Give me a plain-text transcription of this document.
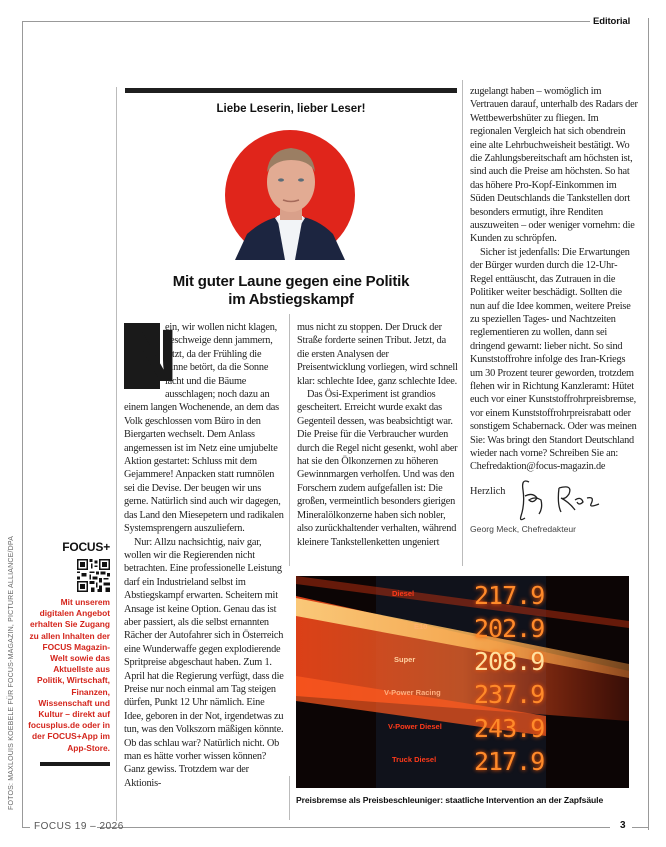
Editorial
FOTOS: MAXLOUIS KOEBELE FÜR FOCUS-MAGAZIN, PICTURE ALLIANCE/DPA	FOCUS+
Mit unserem digitalen Angebot erhalten Sie Zugang zu allen Inhalten der FOCUS Magazin-Welt sowie das Aktuellste aus Politik, Wirtschaft, Finanzen, Wissenschaft und Kultur – direkt auf focusplus.de oder in der FOCUS+App im App-Store.
Liebe Leserin, lieber Leser!
Mit guter Laune gegen eine Politik
im Abstiegskampf
N

ein, wir wollen nicht klagen, geschweige denn jammern, jetzt, da der Frühling die Sinne betört, da die Sonne lacht und die Bäume ausschlagen; noch dazu an einem langen Wochenende, an dem das Volk geschlossen vom Büro in den Biergarten wechselt. Dem Anlass angemessen ist im Netz eine umjubelte Aktion gestartet: Schluss mit dem Gejammere! Anpacken statt rumnölen sei die Devise. Der beugen wir uns gerne. Natürlich sind auch wir dagegen, das Land den Miesepetern und radikalen Systemsprengern auszuliefern.

Nur: Allzu nachsichtig, naiv gar, wollen wir die Regierenden nicht betrachten. Eine professionelle Leistung darf ein Industrieland selbst im Abstiegskampf erwarten. Scheitern mit Ansage ist keine Option. Genau das ist aber passiert, als die selbst ernannten Rächer der Autofahrer sich in Österreich eine Wunderwaffe gegen explodierende Spritpreise abgeschaut haben. Zum 1. April hat die Regierung verfügt, dass die Preise nur noch einmal am Tag steigen dürfen, Punkt 12 Uhr nämlich. Eine Idee, geboren in der Not, irgendetwas zu tun, was den Volkszorn mäßigen könnte. Ob das schlau war? Natürlich nicht. Ob man es hätte vorher wissen können? Ganz gewiss. Trotzdem war der Aktionis-

mus nicht zu stoppen. Der Druck der Straße forderte seinen Tribut. Jetzt, da die ersten Analysen der Preisentwicklung vorliegen, wird schnell klar: schlechte Idee, ganz schlechte Idee.

Das Ösi-Experiment ist grandios gescheitert. Erreicht wurde exakt das Gegenteil dessen, was beabsichtigt war. Die Preise für die Verbraucher wurden durch die Regel nicht gesenkt, wohl aber hat sie den Ölkonzernen zu höheren Gewinnmargen verholfen. Und was den Forschern zudem aufgefallen ist: Die großen, vermeintlich besonders gierigen Mineralölkonzerne haben sich nobler, also zurückhaltender verhalten, während kleinere Tankstellenketten ungeniert

zugelangt haben – womöglich im Vertrauen darauf, unterhalb des Radars der Wettbewerbshüter zu fliegen. Im regionalen Vergleich hat sich obendrein eine alte Lehrbuchweisheit bestätigt. Wo die Zahlungsbereitschaft am höchsten ist, sind auch die Preise am höchsten. So hat das höhere Pro-Kopf-Einkommen im Süden Deutschlands die Tankstellen dort besonders ermutigt, ihre Renditen auszuweiten – oder weniger vornehm: die Kunden zu schröpfen.

Sicher ist jedenfalls: Die Erwartungen der Bürger wurden durch die 12-Uhr-Regel enttäuscht, das Zutrauen in die Politiker weiter beschädigt. Sollten die nun auf die Idee kommen, weitere Preise zu speziellen Tages- und Nachtzeiten reglementieren zu wollen, dann sei dringend gewarnt: lieber nicht. So sind Kunststoffrohre infolge des Iran-Kriegs um 30 Prozent teurer geworden, trotzdem flehen wir in Richtung Kanzleramt: Hütet euch vor einer Kunststoffrohrpreisbremse, vor einem Kunststoffrohrpreisrabatt oder sonstigem Schabernack. Oder was meinen Sie: Was bringt den Standort Deutschland wieder nach vorne? Schreiben Sie an: Chefredaktion@focus-magazin.de

Herzlich
Georg Meck, Chefredakteur
Diesel 217.9
E10 202.9
Super 208.9
V-Power Racing 237.9
V-Power Diesel 243.9
Truck Diesel 217.9
Preisbremse als Preisbeschleuniger: staatliche Intervention an der Zapfsäule
FOCUS 19 – 2026	3
